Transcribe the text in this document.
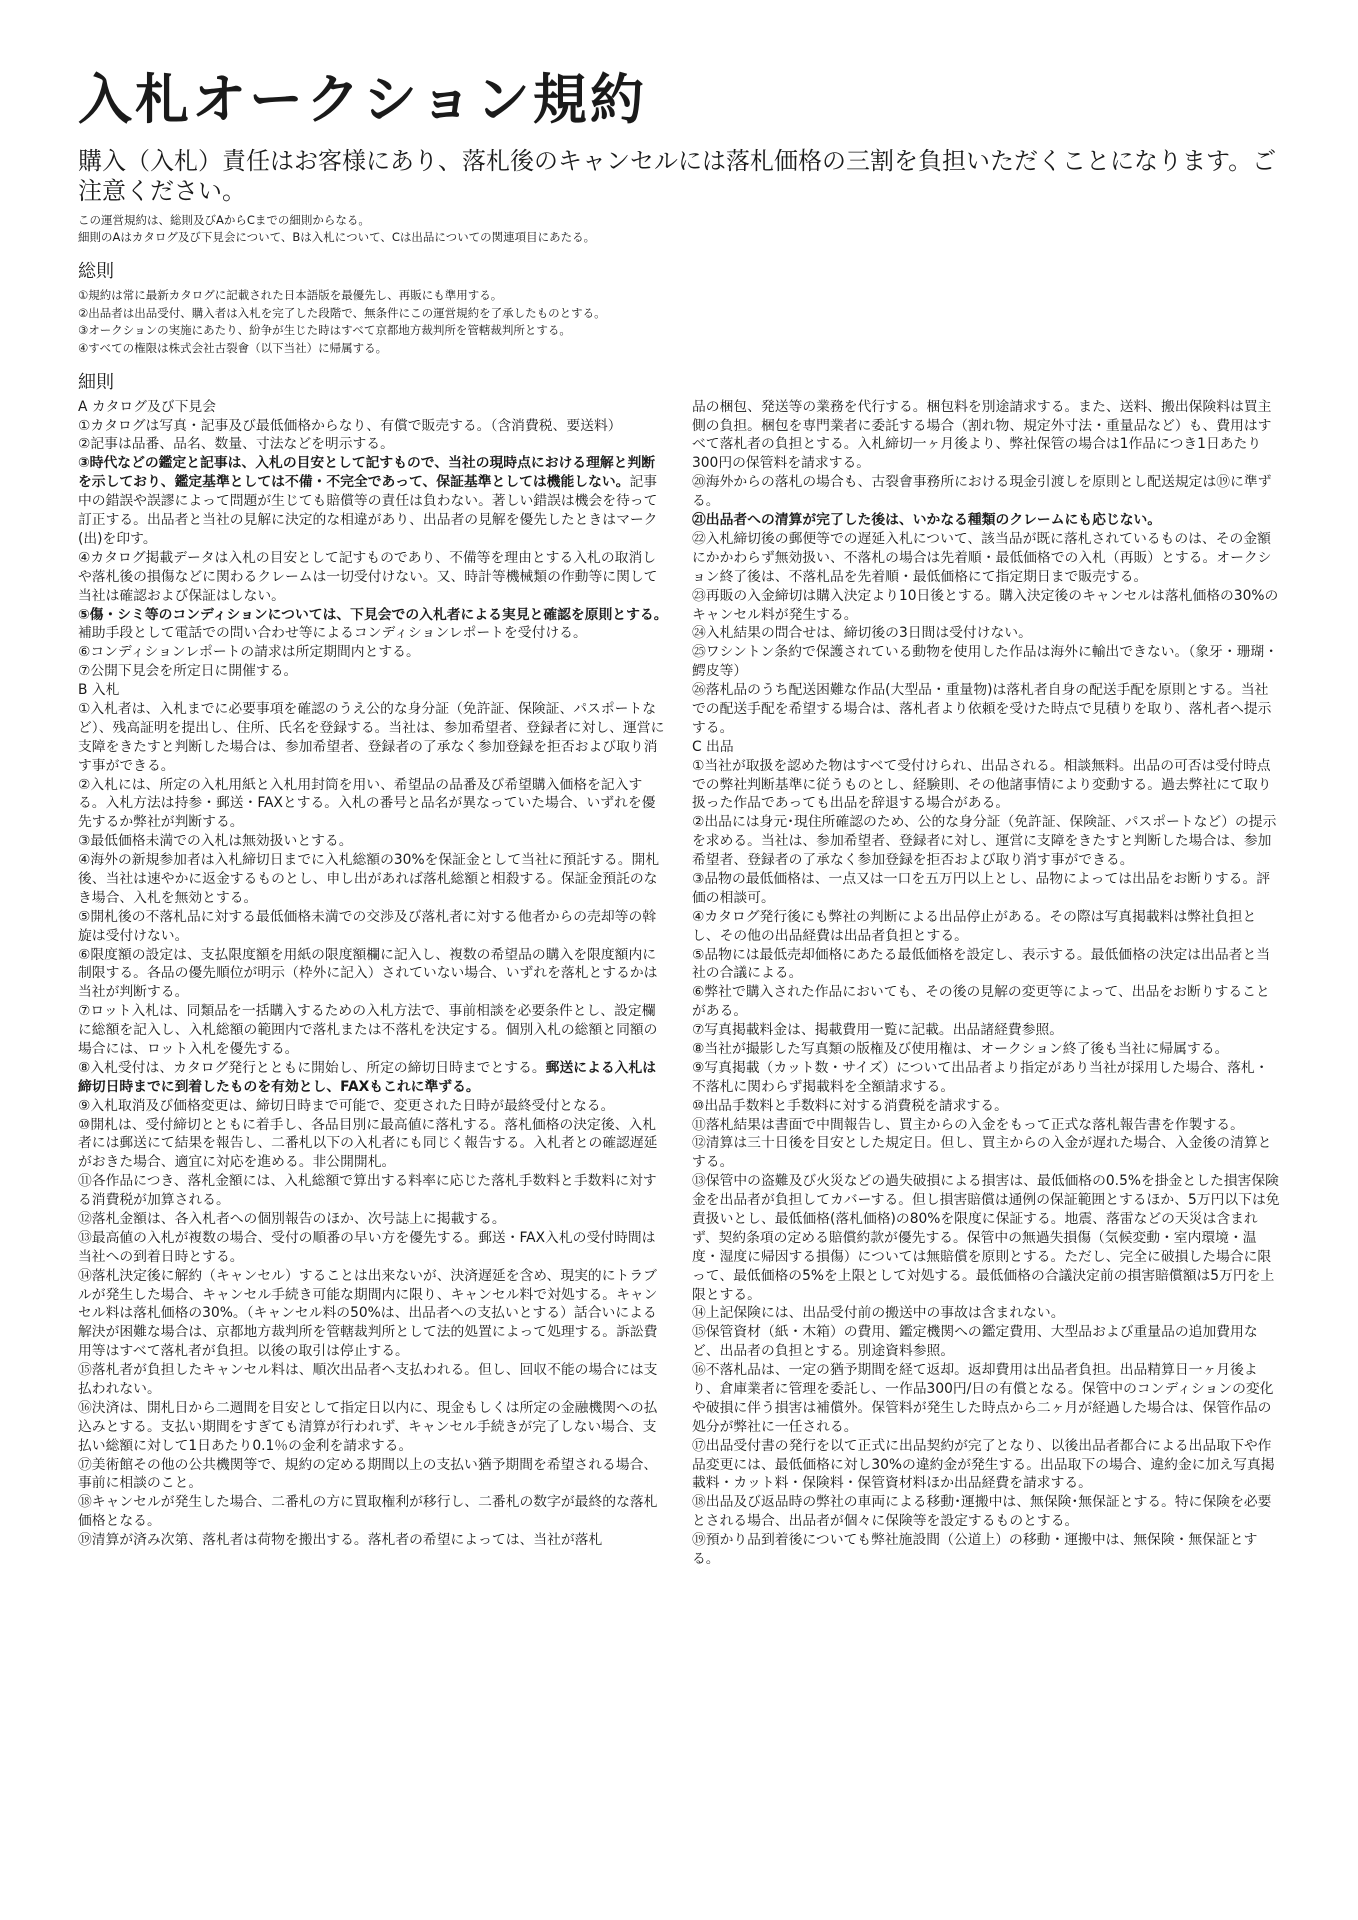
入札オークション規約

購入（入札）責任はお客様にあり、落札後のキャンセルには落札価格の三割を負担いただくことになります。ご注意ください。

この運営規約は、総則及びAからCまでの細則からなる。

細則のAはカタログ及び下見会について、Bは入札について、Cは出品についての関連項目にあたる。

総則

①規約は常に最新カタログに記載された日本語版を最優先し、再販にも準用する。

②出品者は出品受付、購入者は入札を完了した段階で、無条件にこの運営規約を了承したものとする。

③オークションの実施にあたり、紛争が生じた時はすべて京都地方裁判所を管轄裁判所とする。

④すべての権限は株式会社古裂會（以下当社）に帰属する。

細則

A カタログ及び下見会

①カタログは写真・記事及び最低価格からなり、有償で販売する。（含消費税、要送料）

②記事は品番、品名、数量、寸法などを明示する。

③時代などの鑑定と記事は、入札の目安として記すもので、当社の現時点における理解と判断を示しており、鑑定基準としては不備・不完全であって、保証基準としては機能しない。記事中の錯誤や誤謬によって問題が生じても賠償等の責任は負わない。著しい錯誤は機会を待って訂正する。出品者と当社の見解に決定的な相違があり、出品者の見解を優先したときはマーク(出)を印す。

④カタログ掲載データは入札の目安として記すものであり、不備等を理由とする入札の取消しや落札後の損傷などに関わるクレームは一切受付けない。又、時計等機械類の作動等に関して当社は確認および保証はしない。

⑤傷・シミ等のコンディションについては、下見会での入札者による実見と確認を原則とする。補助手段として電話での問い合わせ等によるコンディションレポートを受付ける。

⑥コンディションレポートの請求は所定期間内とする。

⑦公開下見会を所定日に開催する。

B 入札

①入札者は、入札までに必要事項を確認のうえ公的な身分証（免許証、保険証、パスポートなど）、残高証明を提出し、住所、氏名を登録する。当社は、参加希望者、登録者に対し、運営に支障をきたすと判断した場合は、参加希望者、登録者の了承なく参加登録を拒否および取り消す事ができる。

②入札には、所定の入札用紙と入札用封筒を用い、希望品の品番及び希望購入価格を記入する。入札方法は持参・郵送・FAXとする。入札の番号と品名が異なっていた場合、いずれを優先するか弊社が判断する。

③最低価格未満での入札は無効扱いとする。

④海外の新規参加者は入札締切日までに入札総額の30%を保証金として当社に預託する。開札後、当社は速やかに返金するものとし、申し出があれば落札総額と相殺する。保証金預託のなき場合、入札を無効とする。

⑤開札後の不落札品に対する最低価格未満での交渉及び落札者に対する他者からの売却等の斡旋は受付けない。

⑥限度額の設定は、支払限度額を用紙の限度額欄に記入し、複数の希望品の購入を限度額内に制限する。各品の優先順位が明示（枠外に記入）されていない場合、いずれを落札とするかは当社が判断する。

⑦ロット入札は、同類品を一括購入するための入札方法で、事前相談を必要条件とし、設定欄に総額を記入し、入札総額の範囲内で落札または不落札を決定する。個別入札の総額と同額の場合には、ロット入札を優先する。

⑧入札受付は、カタログ発行とともに開始し、所定の締切日時までとする。郵送による入札は締切日時までに到着したものを有効とし、FAXもこれに準ずる。

⑨入札取消及び価格変更は、締切日時まで可能で、変更された日時が最終受付となる。

⑩開札は、受付締切とともに着手し、各品目別に最高値に落札する。落札価格の決定後、入札者には郵送にて結果を報告し、二番札以下の入札者にも同じく報告する。入札者との確認遅延がおきた場合、適宜に対応を進める。非公開開札。

⑪各作品につき、落札金額には、入札総額で算出する料率に応じた落札手数料と手数料に対する消費税が加算される。

⑫落札金額は、各入札者への個別報告のほか、次号誌上に掲載する。

⑬最高値の入札が複数の場合、受付の順番の早い方を優先する。郵送・FAX入札の受付時間は当社への到着日時とする。

⑭落札決定後に解約（キャンセル）することは出来ないが、決済遅延を含め、現実的にトラブルが発生した場合、キャンセル手続き可能な期間内に限り、キャンセル料で対処する。キャンセル料は落札価格の30%。（キャンセル料の50%は、出品者への支払いとする）話合いによる解決が困難な場合は、京都地方裁判所を管轄裁判所として法的処置によって処理する。訴訟費用等はすべて落札者が負担。以後の取引は停止する。

⑮落札者が負担したキャンセル料は、順次出品者へ支払われる。但し、回収不能の場合には支払われない。

⑯決済は、開札日から二週間を目安として指定日以内に、現金もしくは所定の金融機関への払込みとする。支払い期間をすぎても清算が行われず、キャンセル手続きが完了しない場合、支払い総額に対して1日あたり0.1％の金利を請求する。

⑰美術館その他の公共機関等で、規約の定める期間以上の支払い猶予期間を希望される場合、事前に相談のこと。

⑱キャンセルが発生した場合、二番札の方に買取権利が移行し、二番札の数字が最終的な落札価格となる。

⑲清算が済み次第、落札者は荷物を搬出する。落札者の希望によっては、当社が落札

品の梱包、発送等の業務を代行する。梱包料を別途請求する。また、送料、搬出保険料は買主側の負担。梱包を専門業者に委託する場合（割れ物、規定外寸法・重量品など）も、費用はすべて落札者の負担とする。入札締切一ヶ月後より、弊社保管の場合は1作品につき1日あたり300円の保管料を請求する。

⑳海外からの落札の場合も、古裂會事務所における現金引渡しを原則とし配送規定は⑲に準ずる。

㉑出品者への清算が完了した後は、いかなる種類のクレームにも応じない。

㉒入札締切後の郵便等での遅延入札について、該当品が既に落札されているものは、その金額にかかわらず無効扱い、不落札の場合は先着順・最低価格での入札（再販）とする。オークション終了後は、不落札品を先着順・最低価格にて指定期日まで販売する。

㉓再販の入金締切は購入決定より10日後とする。購入決定後のキャンセルは落札価格の30%のキャンセル料が発生する。

㉔入札結果の問合せは、締切後の3日間は受付けない。

㉕ワシントン条約で保護されている動物を使用した作品は海外に輸出できない。（象牙・珊瑚・鰐皮等）

㉖落札品のうち配送困難な作品(大型品・重量物)は落札者自身の配送手配を原則とする。当社での配送手配を希望する場合は、落札者より依頼を受けた時点で見積りを取り、落札者へ提示する。

C 出品

①当社が取扱を認めた物はすべて受付けられ、出品される。相談無料。出品の可否は受付時点での弊社判断基準に従うものとし、経験則、その他諸事情により変動する。過去弊社にて取り扱った作品であっても出品を辞退する場合がある。

②出品には身元･現住所確認のため、公的な身分証（免許証、保険証、パスポートなど）の提示を求める。当社は、参加希望者、登録者に対し、運営に支障をきたすと判断した場合は、参加希望者、登録者の了承なく参加登録を拒否および取り消す事ができる。

③品物の最低価格は、一点又は一口を五万円以上とし、品物によっては出品をお断りする。評価の相談可。

④カタログ発行後にも弊社の判断による出品停止がある。その際は写真掲載料は弊社負担とし、その他の出品経費は出品者負担とする。

⑤品物には最低売却価格にあたる最低価格を設定し、表示する。最低価格の決定は出品者と当社の合議による。

⑥弊社で購入された作品においても、その後の見解の変更等によって、出品をお断りすることがある。

⑦写真掲載料金は、掲載費用一覧に記載。出品諸経費参照。

⑧当社が撮影した写真類の版権及び使用権は、オークション終了後も当社に帰属する。

⑨写真掲載（カット数・サイズ）について出品者より指定があり当社が採用した場合、落札・不落札に関わらず掲載料を全額請求する。

⑩出品手数料と手数料に対する消費税を請求する。

⑪落札結果は書面で中間報告し、買主からの入金をもって正式な落札報告書を作製する。

⑫清算は三十日後を目安とした規定日。但し、買主からの入金が遅れた場合、入金後の清算とする。

⑬保管中の盗難及び火災などの過失破損による損害は、最低価格の0.5%を掛金とした損害保険金を出品者が負担してカバーする。但し損害賠償は通例の保証範囲とするほか、5万円以下は免責扱いとし、最低価格(落札価格)の80%を限度に保証する。地震、落雷などの天災は含まれず、契約条項の定める賠償約款が優先する。保管中の無過失損傷（気候変動・室内環境・温度・湿度に帰因する損傷）については無賠償を原則とする。ただし、完全に破損した場合に限って、最低価格の5%を上限として対処する。最低価格の合議決定前の損害賠償額は5万円を上限とする。

⑭上記保険には、出品受付前の搬送中の事故は含まれない。

⑮保管資材（紙・木箱）の費用、鑑定機関への鑑定費用、大型品および重量品の追加費用など、出品者の負担とする。別途資料参照。

⑯不落札品は、一定の猶予期間を経て返却。返却費用は出品者負担。出品精算日一ヶ月後より、倉庫業者に管理を委託し、一作品300円/日の有償となる。保管中のコンディションの変化や破損に伴う損害は補償外。保管料が発生した時点から二ヶ月が経過した場合は、保管作品の処分が弊社に一任される。

⑰出品受付書の発行を以て正式に出品契約が完了となり、以後出品者都合による出品取下や作品変更には、最低価格に対し30%の違約金が発生する。出品取下の場合、違約金に加え写真掲載料・カット料・保険料・保管資材料ほか出品経費を請求する。

⑱出品及び返品時の弊社の車両による移動･運搬中は、無保険･無保証とする。特に保険を必要とされる場合、出品者が個々に保険等を設定するものとする。

⑲預かり品到着後についても弊社施設間（公道上）の移動・運搬中は、無保険・無保証とする。
